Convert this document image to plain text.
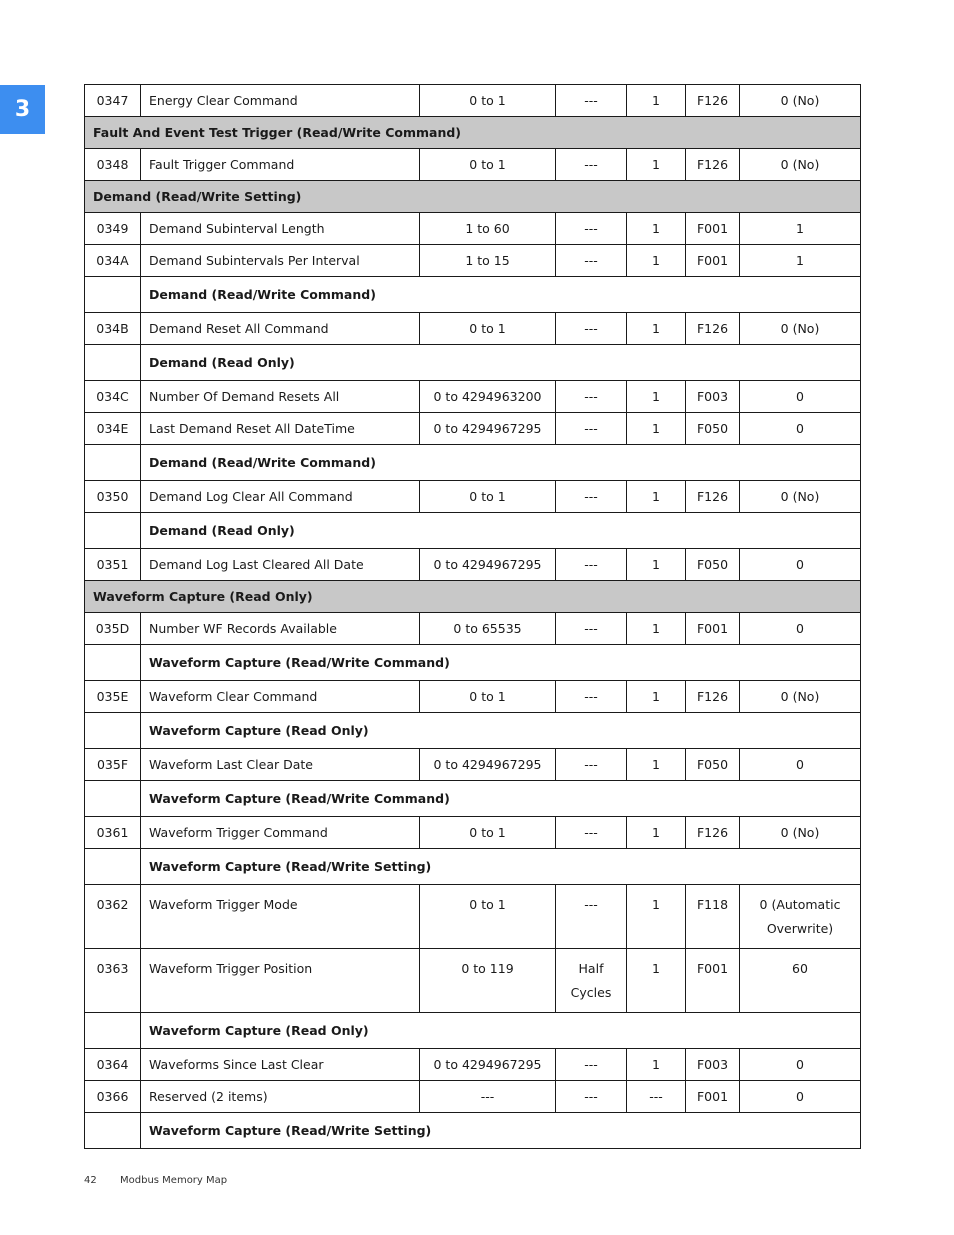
3	0347	Energy Clear Command	0 to 1	---	1	F126	0 (No)
Fault And Event Test Trigger (Read/Write Command)						
0348	Fault Trigger Command	0 to 1	---	1	F126	0 (No)
Demand (Read/Write Setting)						
0349	Demand Subinterval Length	1 to 60	---	1	F001	1
034A	Demand Subintervals Per Interval	1 to 15	---	1	F001	1
	Demand (Read/Write Command)					
034B	Demand Reset All Command	0 to 1	---	1	F126	0 (No)
	Demand (Read Only)					
034C	Number Of Demand Resets All	0 to 4294963200	---	1	F003	0
034E	Last Demand Reset All DateTime	0 to 4294967295	---	1	F050	0
	Demand (Read/Write Command)					
0350	Demand Log Clear All Command	0 to 1	---	1	F126	0 (No)
	Demand (Read Only)					
0351	Demand Log Last Cleared All Date	0 to 4294967295	---	1	F050	0
Waveform Capture (Read Only)						
035D	Number WF Records Available	0 to 65535	---	1	F001	0
	Waveform Capture (Read/Write Command)					
035E	Waveform Clear Command	0 to 1	---	1	F126	0 (No)
	Waveform Capture (Read Only)					
035F	Waveform Last Clear Date	0 to 4294967295	---	1	F050	0
	Waveform Capture (Read/Write Command)					
0361	Waveform Trigger Command	0 to 1	---	1	F126	0 (No)
	Waveform Capture (Read/Write Setting)					
0362	Waveform Trigger Mode	0 to 1	---	1	F118	0 (Automatic Overwrite)
0363	Waveform Trigger Position	0 to 119	Half Cycles	1	F001	60
	Waveform Capture (Read Only)					
0364	Waveforms Since Last Clear	0 to 4294967295	---	1	F003	0
0366	Reserved (2 items)	---	---	---	F001	0
	Waveform Capture (Read/Write Setting)					
42 Modbus Memory Map
